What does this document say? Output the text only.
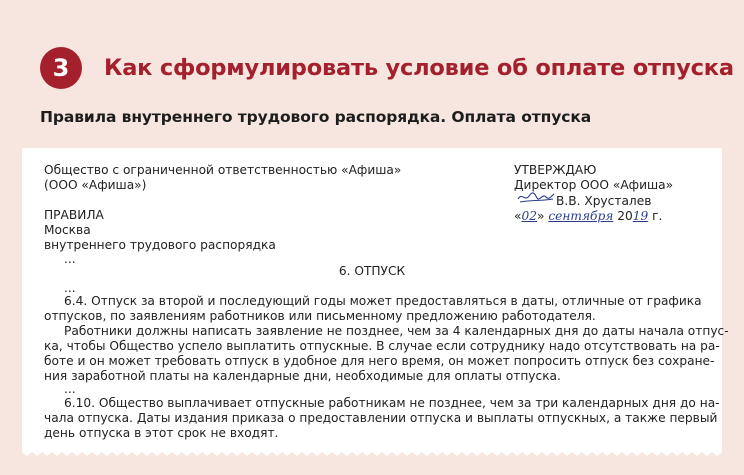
3	Как сформулировать условие об оплате отпуска
Правила внутреннего трудового распорядка. Оплата отпуска
Общество с ограниченной ответственностью «Афиша»
(ООО «Афиша»)
УТВЕРЖДАЮ
Директор ООО «Афиша»
В.В. Хрусталев
«02» сентября 2019 г.
ПРАВИЛА
Москва
внутреннего трудового распорядка
...
6. ОТПУСК
...
6.4. Отпуск за второй и последующий годы может предоставляться в даты, отличные от графика
отпусков, по заявлениям работников или письменному предложению работодателя.
Работники должны написать заявление не позднее, чем за 4 календарных дня до даты начала отпус-
ка, чтобы Общество успело выплатить отпускные. В случае если сотруднику надо отсутствовать на ра-
боте и он может требовать отпуск в удобное для него время, он может попросить отпуск без сохране-
ния заработной платы на календарные дни, необходимые для оплаты отпуска.
...
6.10. Общество выплачивает отпускные работникам не позднее, чем за три календарных дня до на-
чала отпуска. Даты издания приказа о предоставлении отпуска и выплаты отпускных, а также первый
день отпуска в этот срок не входят.
